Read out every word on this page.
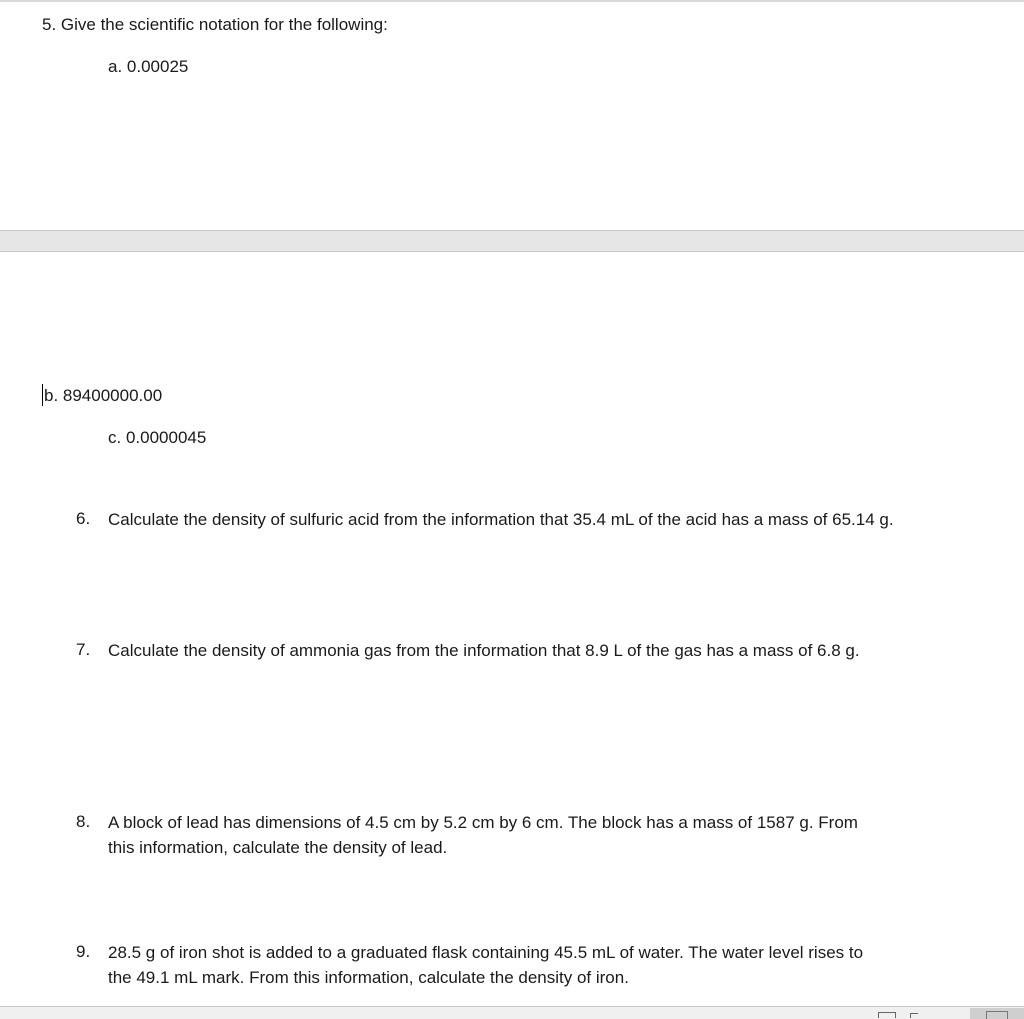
5. Give the scientific notation for the following:
a. 0.00025
b. 89400000.00
c. 0.0000045
6. Calculate the density of sulfuric acid from the information that 35.4 mL of the acid has a mass of 65.14 g.
7. Calculate the density of ammonia gas from the information that 8.9 L of the gas has a mass of 6.8 g.
8. A block of lead has dimensions of 4.5 cm by 5.2 cm by 6 cm. The block has a mass of 1587 g. From this information, calculate the density of lead.
9. 28.5 g of iron shot is added to a graduated flask containing 45.5 mL of water. The water level rises to the 49.1 mL mark. From this information, calculate the density of iron.
